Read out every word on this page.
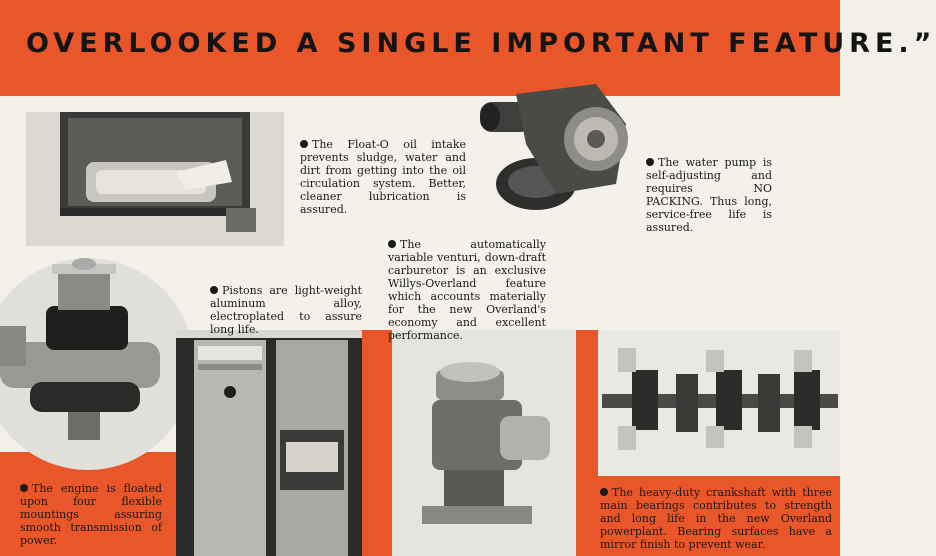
OVERLOOKED A SINGLE IMPORTANT FEATURE.”
The Float-O oil intake prevents sludge, water and dirt from getting into the oil circulation system. Better, cleaner lubrication is assured.
The water pump is self-adjusting and requires NO PACKING. Thus long, service-free life is assured.
The automatically variable venturi, down-draft carburetor is an exclusive Willys-Overland feature which accounts materially for the new Overland's economy and excellent performance.
Pistons are light-weight aluminum alloy, electroplated to assure long life.
The engine is floated upon four flexible mountings assuring smooth transmission of power.
The heavy-duty crankshaft with three main bearings contributes to strength and long life in the new Overland powerplant. Bearing surfaces have a mirror finish to prevent wear.
